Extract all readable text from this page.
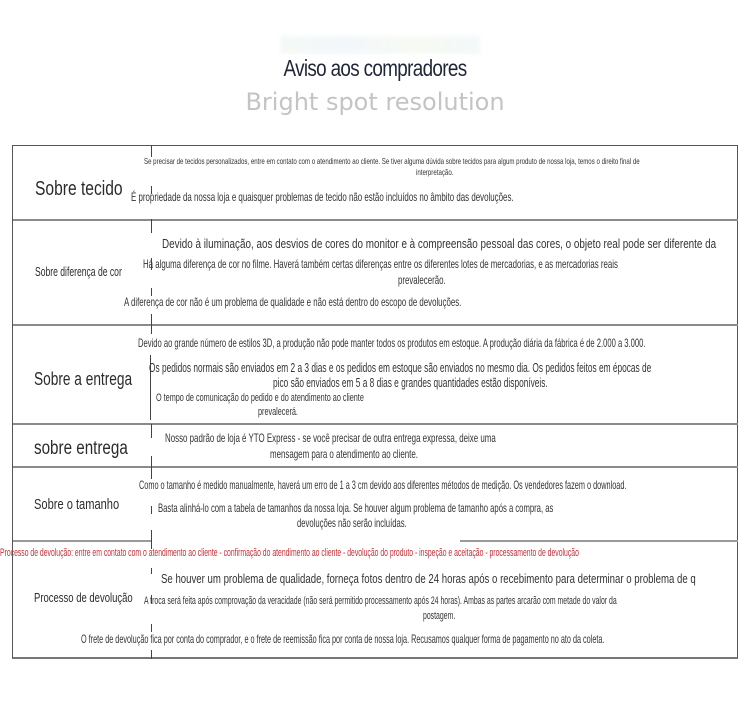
Aviso aos compradores
Bright spot resolution
Sobre tecido
Se precisar de tecidos personalizados, entre em contato com o atendimento ao cliente. Se tiver alguma dúvida sobre tecidos para algum produto de nossa loja, temos o direito final de
interpretação.
É propriedade da nossa loja e quaisquer problemas de tecido não estão incluídos no âmbito das devoluções.
Sobre diferença de cor
Devido à iluminação, aos desvios de cores do monitor e à compreensão pessoal das cores, o objeto real pode ser diferente da
Há alguma diferença de cor no filme. Haverá também certas diferenças entre os diferentes lotes de mercadorias, e as mercadorias reais
prevalecerão.
A diferença de cor não é um problema de qualidade e não está dentro do escopo de devoluções.
Sobre a entrega
Devido ao grande número de estilos 3D, a produção não pode manter todos os produtos em estoque. A produção diária da fábrica é de 2.000 a 3.000.
Os pedidos normais são enviados em 2 a 3 dias e os pedidos em estoque são enviados no mesmo dia. Os pedidos feitos em épocas de
pico são enviados em 5 a 8 dias e grandes quantidades estão disponíveis.
O tempo de comunicação do pedido e do atendimento ao cliente
prevalecerá.
sobre entrega	Nosso padrão de loja é YTO Express - se você precisar de outra entrega expressa, deixe uma
mensagem para o atendimento ao cliente.
Sobre o tamanho
Como o tamanho é medido manualmente, haverá um erro de 1 a 3 cm devido aos diferentes métodos de medição. Os vendedores fazem o download.
Basta alinhá-lo com a tabela de tamanhos da nossa loja. Se houver algum problema de tamanho após a compra, as
devoluções não serão incluídas.
Processo de devolução: entre em contato com o atendimento ao cliente - confirmação do atendimento ao cliente - devolução do produto - inspeção e aceitação - processamento de devolução
Processo de devolução
Se houver um problema de qualidade, forneça fotos dentro de 24 horas após o recebimento para determinar o problema de q
A troca será feita após comprovação da veracidade (não será permitido processamento após 24 horas). Ambas as partes arcarão com metade do valor da
postagem.
O frete de devolução fica por conta do comprador, e o frete de reemissão fica por conta de nossa loja. Recusamos qualquer forma de pagamento no ato da coleta.
